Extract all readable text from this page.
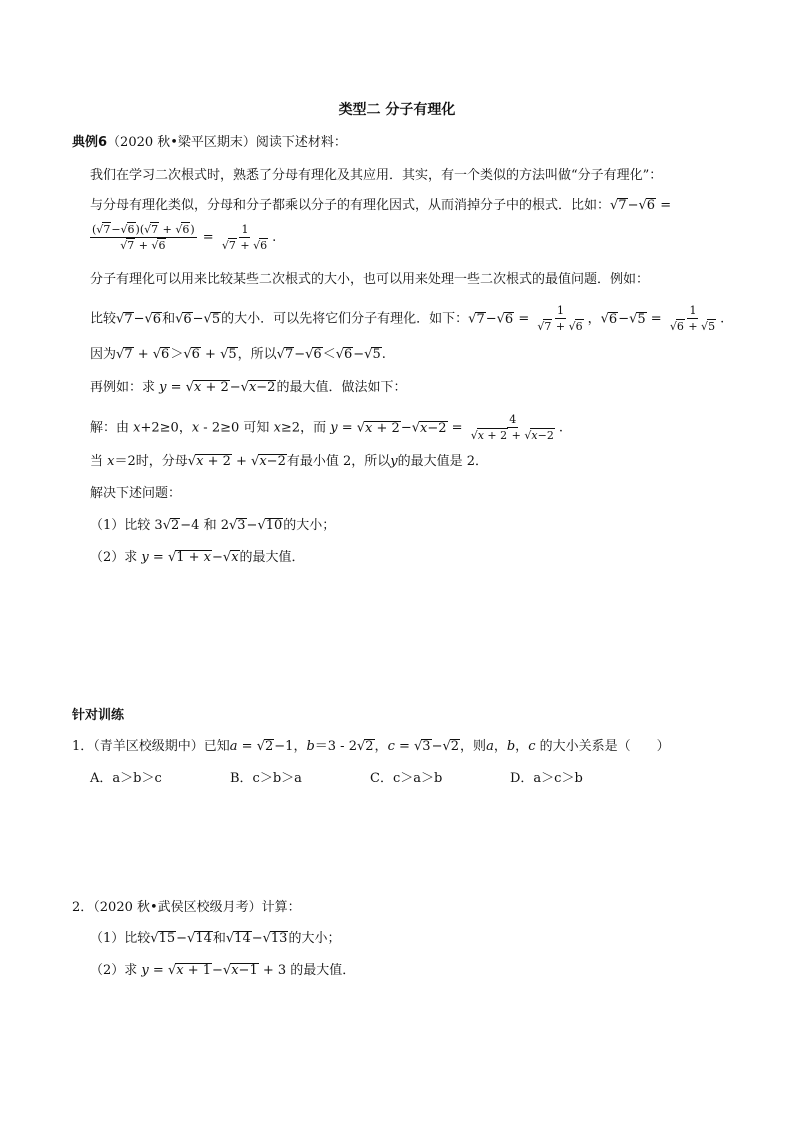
类型二 分子有理化
典例6（2020 秋•梁平区期末）阅读下述材料：
我们在学习二次根式时，熟悉了分母有理化及其应用．其实，有一个类似的方法叫做“分子有理化”：
与分母有理化类似，分母和分子都乘以分子的有理化因式，从而消掉分子中的根式．比如：√7−√6 =
$\frac{(√7-√6)(√7 + √6)}{√7 + √6} = \frac{1}{√7 + √6}$ .
分子有理化可以用来比较某些二次根式的大小，也可以用来处理一些二次根式的最值问题．例如：
比较√7−√6和√6−√5的大小．可以先将它们分子有理化．如下：$√7-√6 = \frac{1}{√7 + √6}$ ，$√6-√5 = \frac{1}{√6 + √5}$ .
因为√7 + √6＞√6 + √5，所以√7−√6＜√6−√5.
再例如：求 y = √x + 2−√x−2的最大值．做法如下：
解：由 x+2≥0，x - 2≥0 可知 x≥2，而 $y = √x + 2-√x-2 = \frac{4}{√x + 2 + √x-2}$ .
当 x＝2时，分母√x + 2 + √x−2有最小值 2，所以y的最大值是 2．
解决下述问题：
（1）比较 3√2−4 和 2√3−√10的大小；
（2）求 y = √1 + x−√x的最大值．
针对训练
1．（青羊区校级期中）已知a = √2−1，b＝3 - 2√2，c = √3−√2，则a，b，c 的大小关系是（　　）
A．a＞b＞c	B．c＞b＞a	C．c＞a＞b	D．a＞c＞b
2．（2020 秋•武侯区校级月考）计算：
（1）比较√15−√14和√14−√13的大小；
（2）求 y = √x + 1−√x−1 + 3 的最大值．
